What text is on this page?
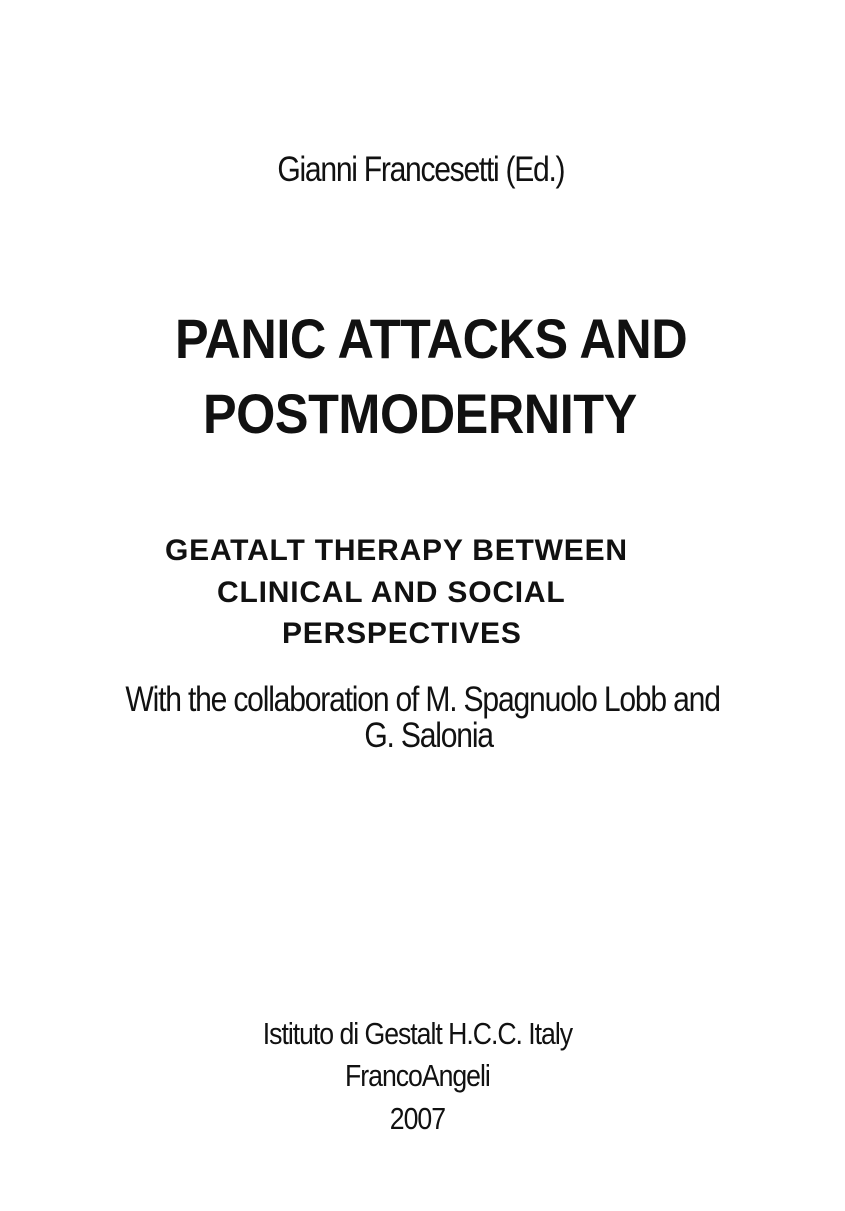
Gianni Francesetti (Ed.)
PANIC ATTACKS AND
POSTMODERNITY
GEATALT THERAPY BETWEEN
CLINICAL AND SOCIAL
PERSPECTIVES
With the collaboration of M. Spagnuolo Lobb and
G. Salonia
Istituto di Gestalt H.C.C. Italy
FrancoAngeli
2007
